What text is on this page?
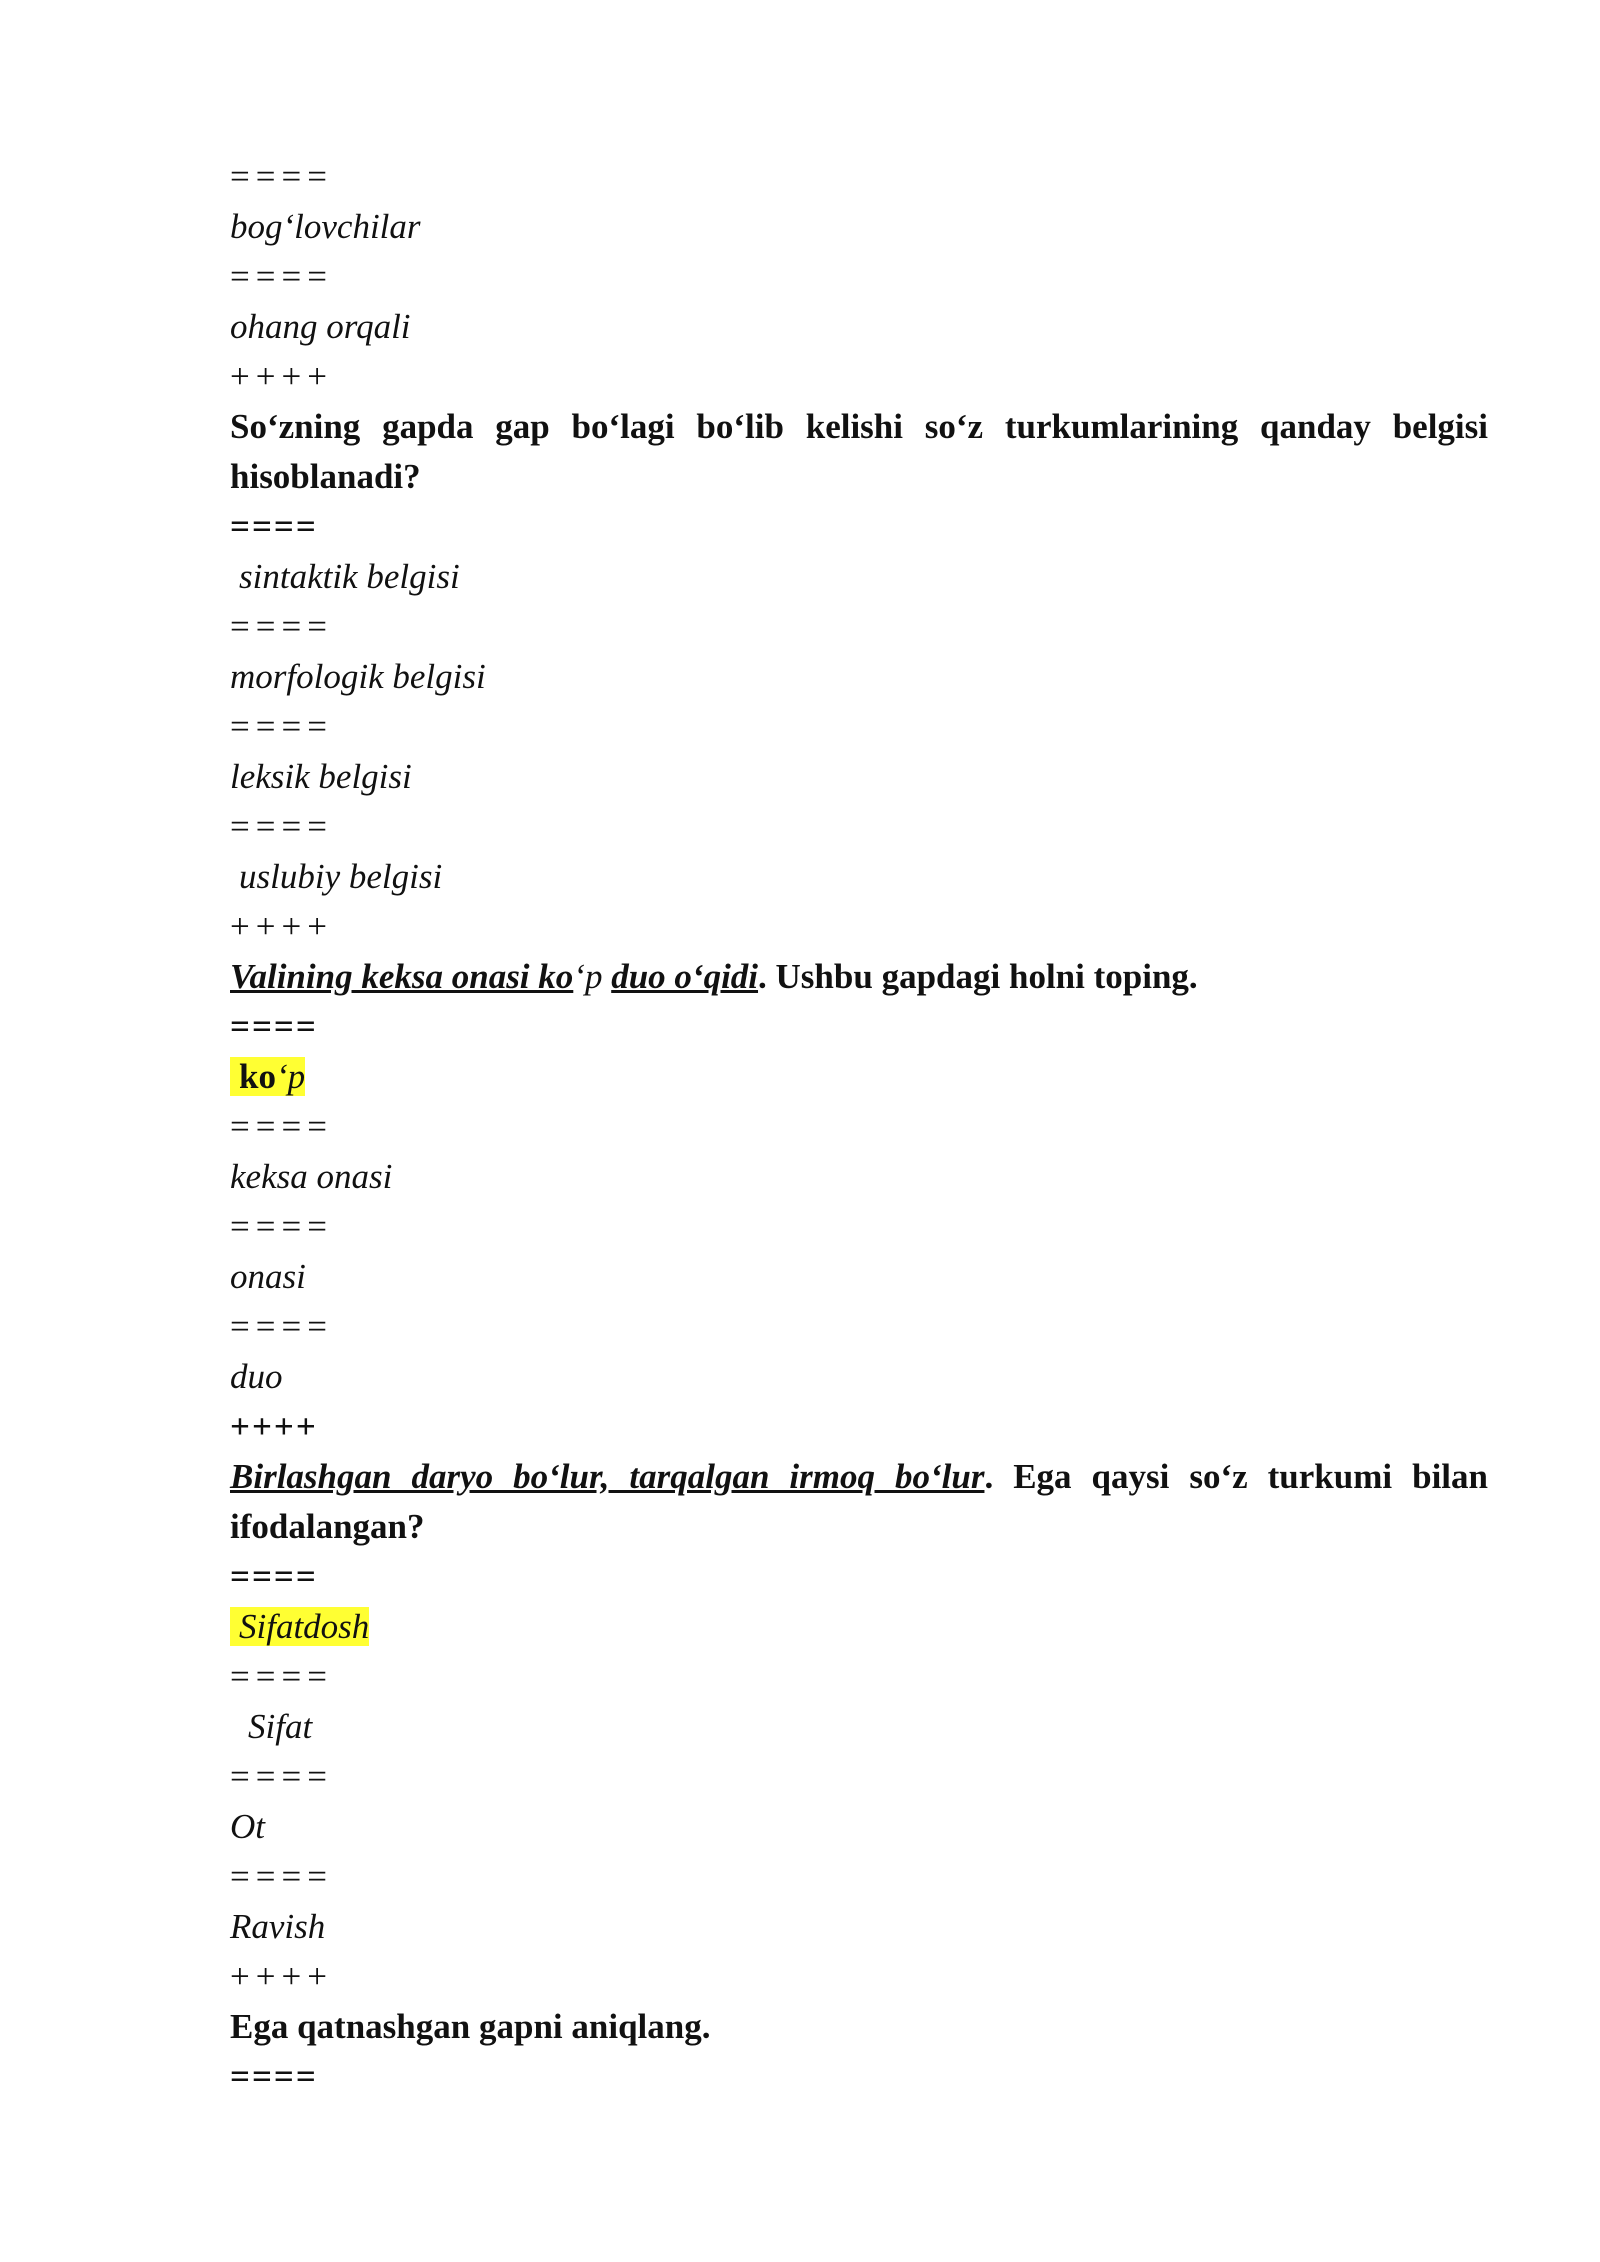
====
bog‘lovchilar
====
ohang orqali
++++
So‘zning gapda gap bo‘lagi bo‘lib kelishi so‘z turkumlarining qanday belgisi hisoblanadi?
====
sintaktik belgisi
====
morfologik belgisi
====
leksik belgisi
====
uslubiy belgisi
++++
Valining keksa onasi ko‘p duo o‘qidi. Ushbu gapdagi holni toping.
====
ko‘p
====
keksa onasi
====
onasi
====
duo
++++
Birlashgan daryo bo‘lur, tarqalgan irmoq bo‘lur. Ega qaysi so‘z turkumi bilan ifodalangan?
====
Sifatdosh
====
Sifat
====
Ot
====
Ravish
++++
Ega qatnashgan gapni aniqlang.
====
